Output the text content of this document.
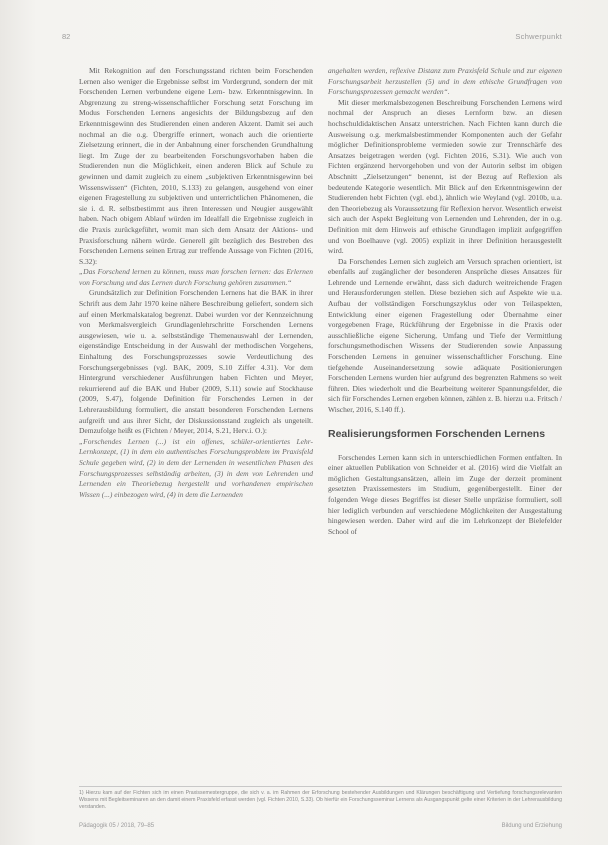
82	Schwerpunkt

Mit Rekognition auf den Forschungsstand richten beim Forschenden Lernen also weniger die Ergebnisse selbst im Vordergrund, sondern der mit Forschenden Lernen verbundene eigene Lern- bzw. Erkenntnisgewinn. In Abgrenzung zu streng-wissenschaftlicher Forschung setzt Forschung im Modus Forschenden Lernens angesichts der Bildungsbezug auf den Erkenntnisgewinn des Studierenden einen anderen Akzent. Damit sei auch nochmal an die o.g. Übergriffe erinnert, wonach auch die orientierte Zielsetzung erinnert, die in der Anbahnung einer forschenden Grundhaltung liegt. Im Zuge der zu bearbeitenden Forschungsvorhaben haben die Studierenden nun die Möglichkeit, einen anderen Blick auf Schule zu gewinnen und damit zugleich zu einem „subjektiven Erkenntnisgewinn bei Wissenswissen“ (Fichten, 2010, S.133) zu gelangen, ausgehend von einer eigenen Fragestellung zu subjektiven und unterrichtlichen Phänomenen, die sie i. d. R. selbstbestimmt aus ihren Interessen und Neugier ausgewählt haben. Nach obigem Ablauf würden im Idealfall die Ergebnisse zugleich in die Praxis zurückgeführt, womit man sich dem Ansatz der Aktions- und Praxisforschung nähern würde. Generell gilt bezüglich des Bestreben des Forschenden Lernens seinen Ertrag zur treffende Aussage von Fichten (2016, S.32):

„Das Forschend lernen zu können, muss man forschen lernen: das Erlernen von Forschung und das Lernen durch Forschung gehören zusammen.“

Grundsätzlich zur Definition Forschenden Lernens hat die BAK in ihrer Schrift aus dem Jahr 1970 keine nähere Beschreibung geliefert, sondern sich auf einen Merkmalskatalog begrenzt. Dabei wurden vor der Kennzeichnung von Merkmalsvergleich Grundlagenlehrschritte Forschenden Lernens ausgewiesen, wie u. a. selbstständige Themenauswahl der Lernenden, eigenständige Entscheidung in der Auswahl der methodischen Vorgehens, Einhaltung des Forschungsprozesses sowie Verdeutlichung des Forschungsergebnisses (vgl. BAK, 2009, S.10 Ziffer 4.31). Vor dem Hintergrund verschiedener Ausführungen haben Fichten und Meyer, rekurrierend auf die BAK und Huber (2009, S.11) sowie auf Stockhause (2009, S.47), folgende Definition für Forschendes Lernen in der Lehrerausbildung formuliert, die anstatt besonderen Forschenden Lernens aufgreift und aus ihrer Sicht, der Diskussionsstand zugleich als ungeteilt. Demzufolge heißt es (Fichten / Meyer, 2014, S.21, Herv.i. O.):

„Forschendes Lernen (...) ist ein offenes, schüler-orientiertes Lehr-Lernkonzept, (1) in dem ein authentisches Forschungsproblem im Praxisfeld Schule gegeben wird, (2) in dem der Lernenden in wesentlichen Phasen des Forschungsprozesses selbständig arbeiten, (3) in dem von Lehrenden und Lernenden ein Theoriebezug hergestellt und vorhandenen empirischen Wissen (...) einbezogen wird, (4) in dem die Lernenden

angehalten werden, reflexive Distanz zum Praxisfeld Schule und zur eigenen Forschungsarbeit herzustellen (5) und in dem ethische Grundfragen von Forschungsprozessen gemacht werden“.

Mit dieser merkmalsbezogenen Beschreibung Forschenden Lernens wird nochmal der Anspruch an dieses Lernform bzw. an diesen hochschuldidaktischen Ansatz unterstrichen. Nach Fichten kann durch die Ausweisung o.g. merkmalsbestimmender Komponenten auch der Gefahr möglicher Definitionsprobleme vermieden sowie zur Trennschärfe des Ansatzes beigetragen werden (vgl. Fichten 2016, S.31). Wie auch von Fichten ergänzend hervorgehoben und von der Autorin selbst im obigen Abschnitt „Zielsetzungen“ benennt, ist der Bezug auf Reflexion als bedeutende Kategorie wesentlich. Mit Blick auf den Erkenntnisgewinn der Studierenden hebt Fichten (vgl. ebd.), ähnlich wie Weyland (vgl. 2010b, u.a. den Theoriebezug als Voraussetzung für Reflexion hervor. Wesentlich erweist sich auch der Aspekt Begleitung von Lernenden und Lehrenden, der in o.g. Definition mit dem Hinweis auf ethische Grundlagen implizit aufgegriffen und von Boelhauve (vgl. 2005) explizit in ihrer Definition herausgestellt wird.

Da Forschendes Lernen sich zugleich am Versuch sprachen orientiert, ist ebenfalls auf zugänglicher der besonderen Ansprüche dieses Ansatzes für Lehrende und Lernende erwähnt, dass sich dadurch weitreichende Fragen und Herausforderungen stellen. Diese beziehen sich auf Aspekte wie u.a. Aufbau der vollständigen Forschungszyklus oder von Teilaspekten, Entwicklung einer eigenen Fragestellung oder Übernahme einer vorgegebenen Frage, Rückführung der Ergebnisse in die Praxis oder ausschließliche eigene Sicherung, Umfang und Tiefe der Vermittlung forschungsmethodischen Wissens der Studierenden sowie Anpassung Forschenden Lernens in genuiner wissenschaftlicher Forschung. Eine tiefgehende Auseinandersetzung sowie adäquate Positionierungen Forschenden Lernens wurden hier aufgrund des begrenzten Rahmens so weit führen. Dies wiederholt und die Bearbeitung weiterer Spannungsfelder, die sich für Forschendes Lernen ergeben können, zählen z. B. hierzu u.a. Fritsch / Wischer, 2016, S.140 ff.).

Realisierungsformen Forschenden Lernens

Forschendes Lernen kann sich in unterschiedlichen Formen entfalten. In einer aktuellen Publikation von Schneider et al. (2016) wird die Vielfalt an möglichen Gestaltungsansätzen, allein im Zuge der derzeit prominent gesetzten Praxissemesters im Studium, gegenübergestellt. Einer der folgenden Wege dieses Begriffes ist dieser Stelle unpräzise formuliert, soll hier lediglich verbunden auf verschiedene Möglichkeiten der Ausgestaltung hingewiesen werden. Daher wird auf die im Lehrkonzept der Bielefelder School of

1) Hierzu kam auf der Fichten sich im einen Praxissemestergruppe, die sich v. a. im Rahmen der Erforschung bestehender Ausbildungen und Klärungen beschäftigung und Vertiefung forschungsrelevanten Wissens mit Begleitseminaren an den damit einem Praxisfeld erfasst werden (vgl. Fichten 2010, S.33). Ob hierfür ein Forschungsseminar Lernens als Ausgangspunkt gelte einer Kriterien in der Lehrerausbildung verstanden.
Pädagogik 05 / 2018, 79–85	Bildung und Erziehung
